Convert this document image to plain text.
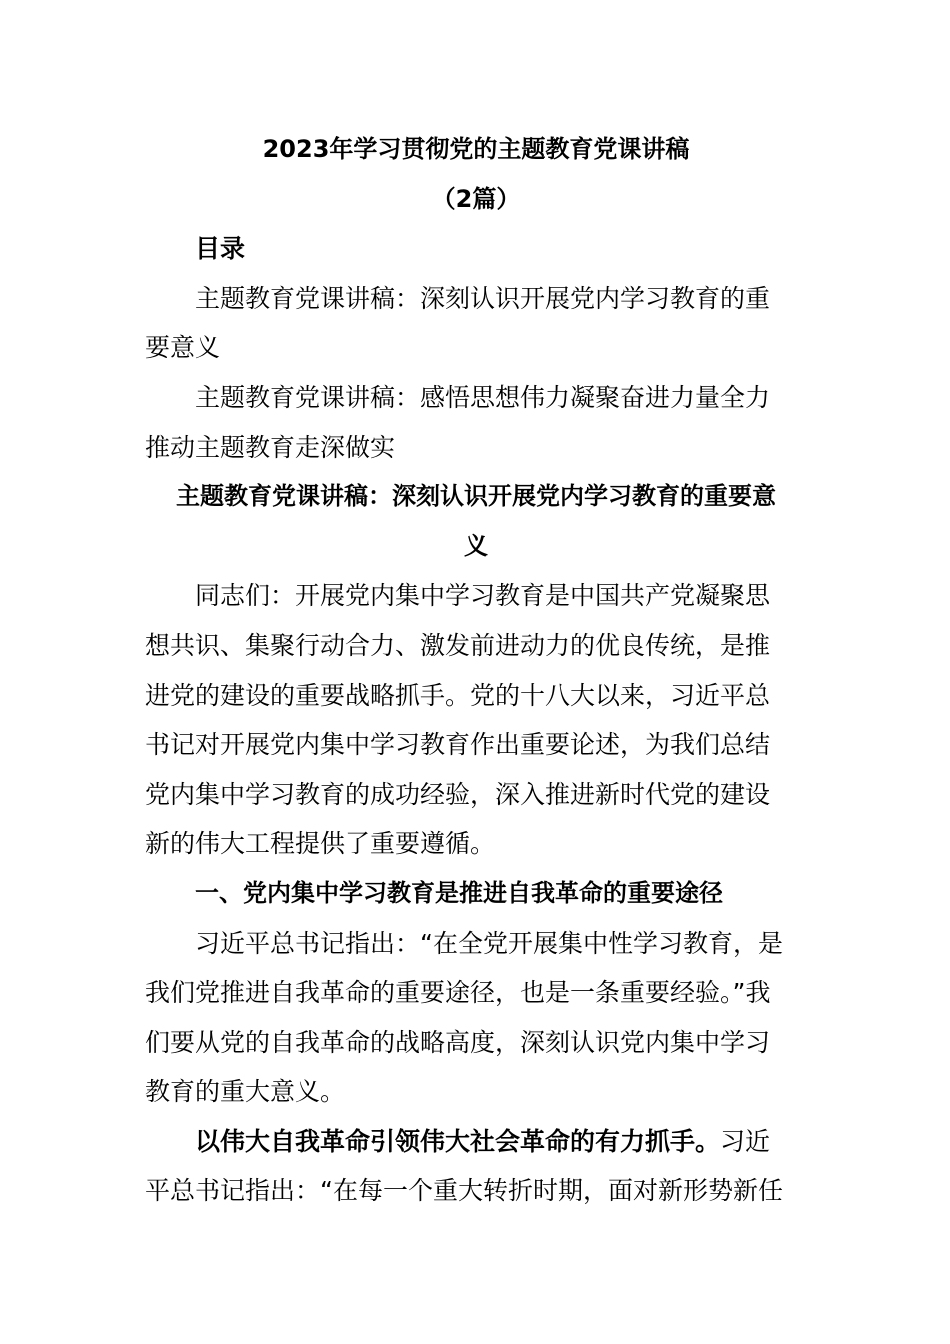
2023年学习贯彻党的主题教育党课讲稿
（2篇）
目录
主题教育党课讲稿：深刻认识开展党内学习教育的重
要意义
主题教育党课讲稿：感悟思想伟力凝聚奋进力量全力
推动主题教育走深做实
主题教育党课讲稿：深刻认识开展党内学习教育的重要意
义
同志们：开展党内集中学习教育是中国共产党凝聚思
想共识、集聚行动合力、激发前进动力的优良传统，是推
进党的建设的重要战略抓手。党的十八大以来，习近平总
书记对开展党内集中学习教育作出重要论述，为我们总结
党内集中学习教育的成功经验，深入推进新时代党的建设
新的伟大工程提供了重要遵循。
一、党内集中学习教育是推进自我革命的重要途径
习近平总书记指出：“在全党开展集中性学习教育，是
我们党推进自我革命的重要途径，也是一条重要经验。”我
们要从党的自我革命的战略高度，深刻认识党内集中学习
教育的重大意义。
以伟大自我革命引领伟大社会革命的有力抓手。习近
平总书记指出：“在每一个重大转折时期，面对新形势新任
